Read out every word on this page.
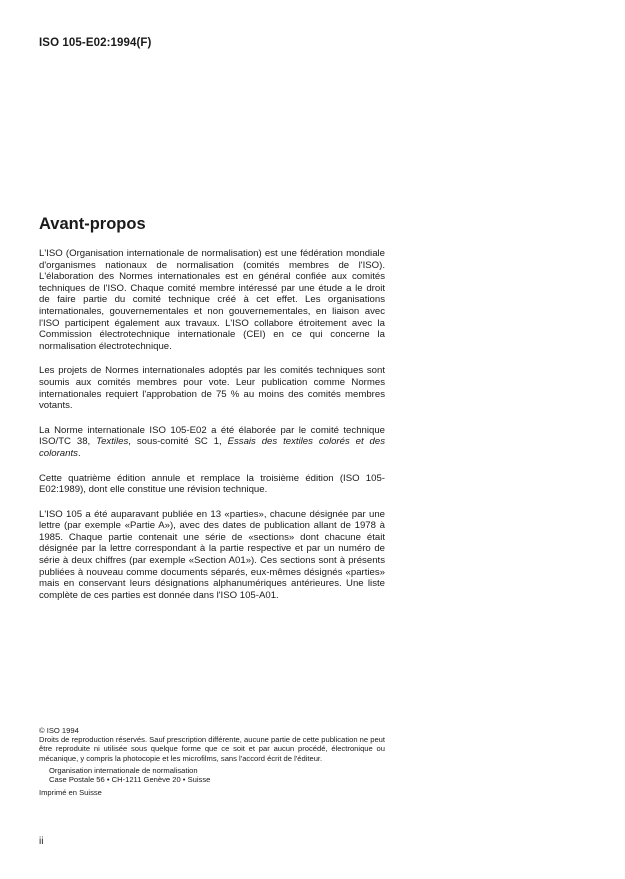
ISO 105-E02:1994(F)
Avant-propos

L'ISO (Organisation internationale de normalisation) est une fédération mondiale d'organismes nationaux de normalisation (comités membres de l'ISO). L'élaboration des Normes internationales est en général confiée aux comités techniques de l'ISO. Chaque comité membre intéressé par une étude a le droit de faire partie du comité technique créé à cet effet. Les organisations internationales, gouvernementales et non gouvernementales, en liaison avec l'ISO participent également aux travaux. L'ISO collabore étroitement avec la Commission électrotechnique internationale (CEI) en ce qui concerne la normalisation électrotechnique.

Les projets de Normes internationales adoptés par les comités techniques sont soumis aux comités membres pour vote. Leur publication comme Normes internationales requiert l'approbation de 75 % au moins des comités membres votants.

La Norme internationale ISO 105-E02 a été élaborée par le comité technique ISO/TC 38, Textiles, sous-comité SC 1, Essais des textiles colorés et des colorants.

Cette quatrième édition annule et remplace la troisième édition (ISO 105-E02:1989), dont elle constitue une révision technique.

L'ISO 105 a été auparavant publiée en 13 «parties», chacune désignée par une lettre (par exemple «Partie A»), avec des dates de publication allant de 1978 à 1985. Chaque partie contenait une série de «sections» dont chacune était désignée par la lettre correspondant à la partie respective et par un numéro de série à deux chiffres (par exemple «Section A01»). Ces sections sont à présents publiées à nouveau comme documents séparés, eux-mêmes désignés «parties» mais en conservant leurs désignations alphanumériques antérieures. Une liste complète de ces parties est donnée dans l'ISO 105-A01.

© ISO 1994

Droits de reproduction réservés. Sauf prescription différente, aucune partie de cette publication ne peut être reproduite ni utilisée sous quelque forme que ce soit et par aucun procédé, électronique ou mécanique, y compris la photocopie et les microfilms, sans l'accord écrit de l'éditeur.

Organisation internationale de normalisation

Case Postale 56 • CH-1211 Genève 20 • Suisse

Imprimé en Suisse

ii
